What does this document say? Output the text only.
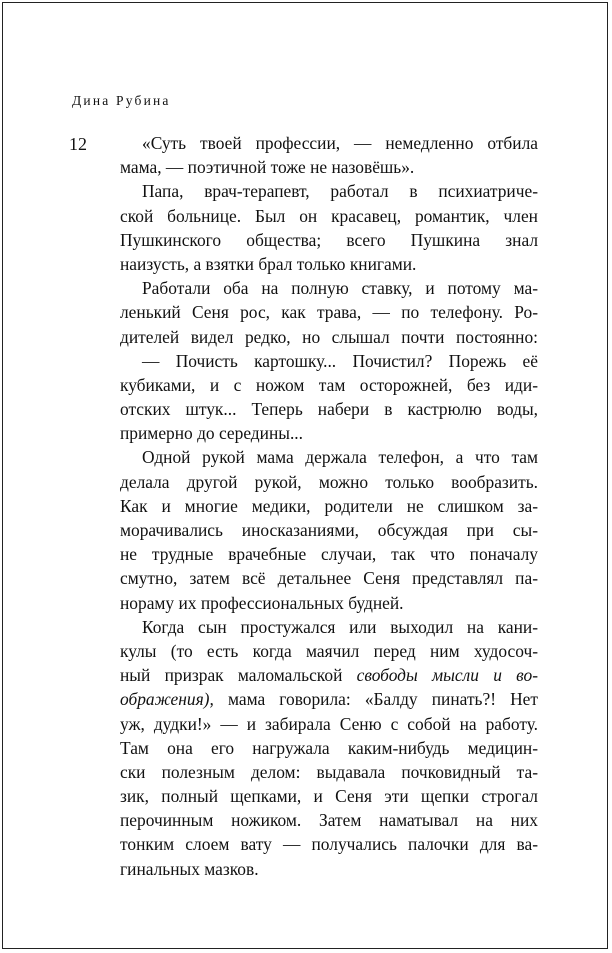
Дина Рубина
12	«Суть твоей профессии, — немедленно отбила
мама, — поэтичной тоже не назовёшь».
Папа, врач-терапевт, работал в психиатриче-
ской больнице. Был он красавец, романтик, член
Пушкинского общества; всего Пушкина знал
наизусть, а взятки брал только книгами.
Работали оба на полную ставку, и потому ма-
ленький Сеня рос, как трава, — по телефону. Ро-
дителей видел редко, но слышал почти постоянно:
— Почисть картошку... Почистил? Порежь её
кубиками, и с ножом там осторожней, без иди-
отских штук... Теперь набери в кастрюлю воды,
примерно до середины...
Одной рукой мама держала телефон, а что там
делала другой рукой, можно только вообразить.
Как и многие медики, родители не слишком за-
морачивались иносказаниями, обсуждая при сы-
не трудные врачебные случаи, так что поначалу
смутно, затем всё детальнее Сеня представлял па-
нораму их профессиональных будней.
Когда сын простужался или выходил на кани-
кулы (то есть когда маячил перед ним худосоч-
ный призрак маломальской свободы мысли и во-
ображения), мама говорила: «Балду пинать?! Нет
уж, дудки!» — и забирала Сеню с собой на работу.
Там она его нагружала каким-нибудь медицин-
ски полезным делом: выдавала почковидный та-
зик, полный щепками, и Сеня эти щепки строгал
перочинным ножиком. Затем наматывал на них
тонким слоем вату — получались палочки для ва-
гинальных мазков.
